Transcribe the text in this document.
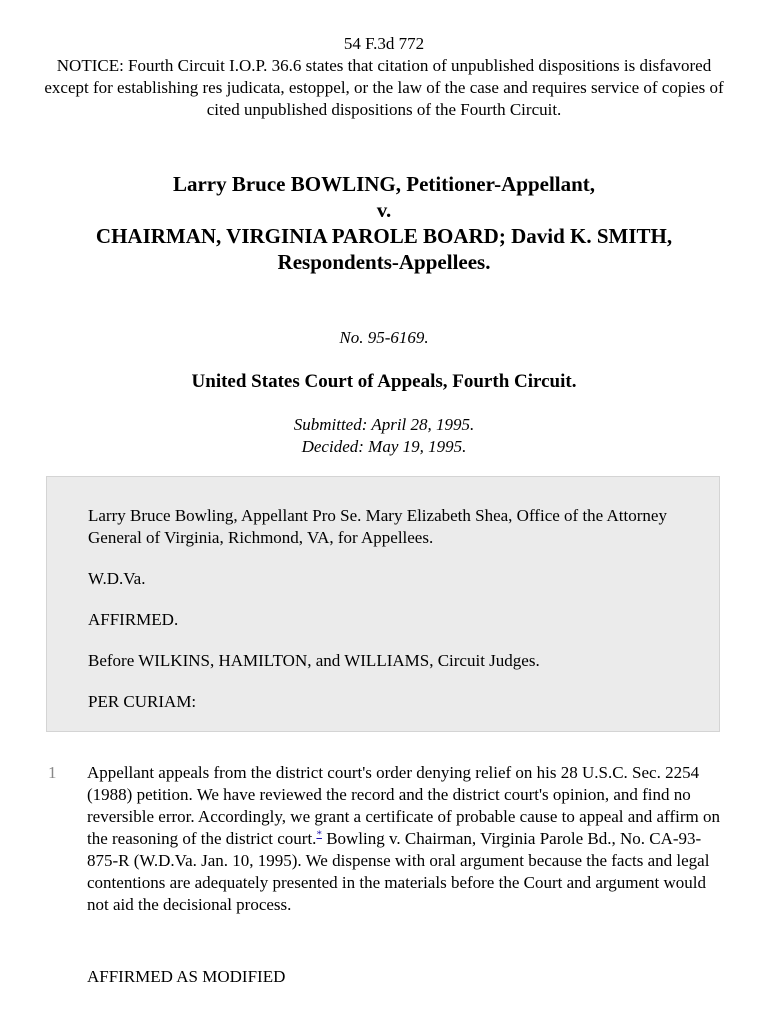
54 F.3d 772
NOTICE: Fourth Circuit I.O.P. 36.6 states that citation of unpublished dispositions is disfavored except for establishing res judicata, estoppel, or the law of the case and requires service of copies of cited unpublished dispositions of the Fourth Circuit.
Larry Bruce BOWLING, Petitioner-Appellant,
v.
CHAIRMAN, VIRGINIA PAROLE BOARD; David K. SMITH,
Respondents-Appellees.
No. 95-6169.
United States Court of Appeals, Fourth Circuit.
Submitted: April 28, 1995.
Decided: May 19, 1995.

Larry Bruce Bowling, Appellant Pro Se. Mary Elizabeth Shea, Office of the Attorney General of Virginia, Richmond, VA, for Appellees.

W.D.Va.

AFFIRMED.

Before WILKINS, HAMILTON, and WILLIAMS, Circuit Judges.

PER CURIAM:

1 Appellant appeals from the district court's order denying relief on his 28 U.S.C. Sec. 2254 (1988) petition. We have reviewed the record and the district court's opinion, and find no reversible error. Accordingly, we grant a certificate of probable cause to appeal and affirm on the reasoning of the district court.* Bowling v. Chairman, Virginia Parole Bd., No. CA-93-875-R (W.D.Va. Jan. 10, 1995). We dispense with oral argument because the facts and legal contentions are adequately presented in the materials before the Court and argument would not aid the decisional process.
AFFIRMED AS MODIFIED
